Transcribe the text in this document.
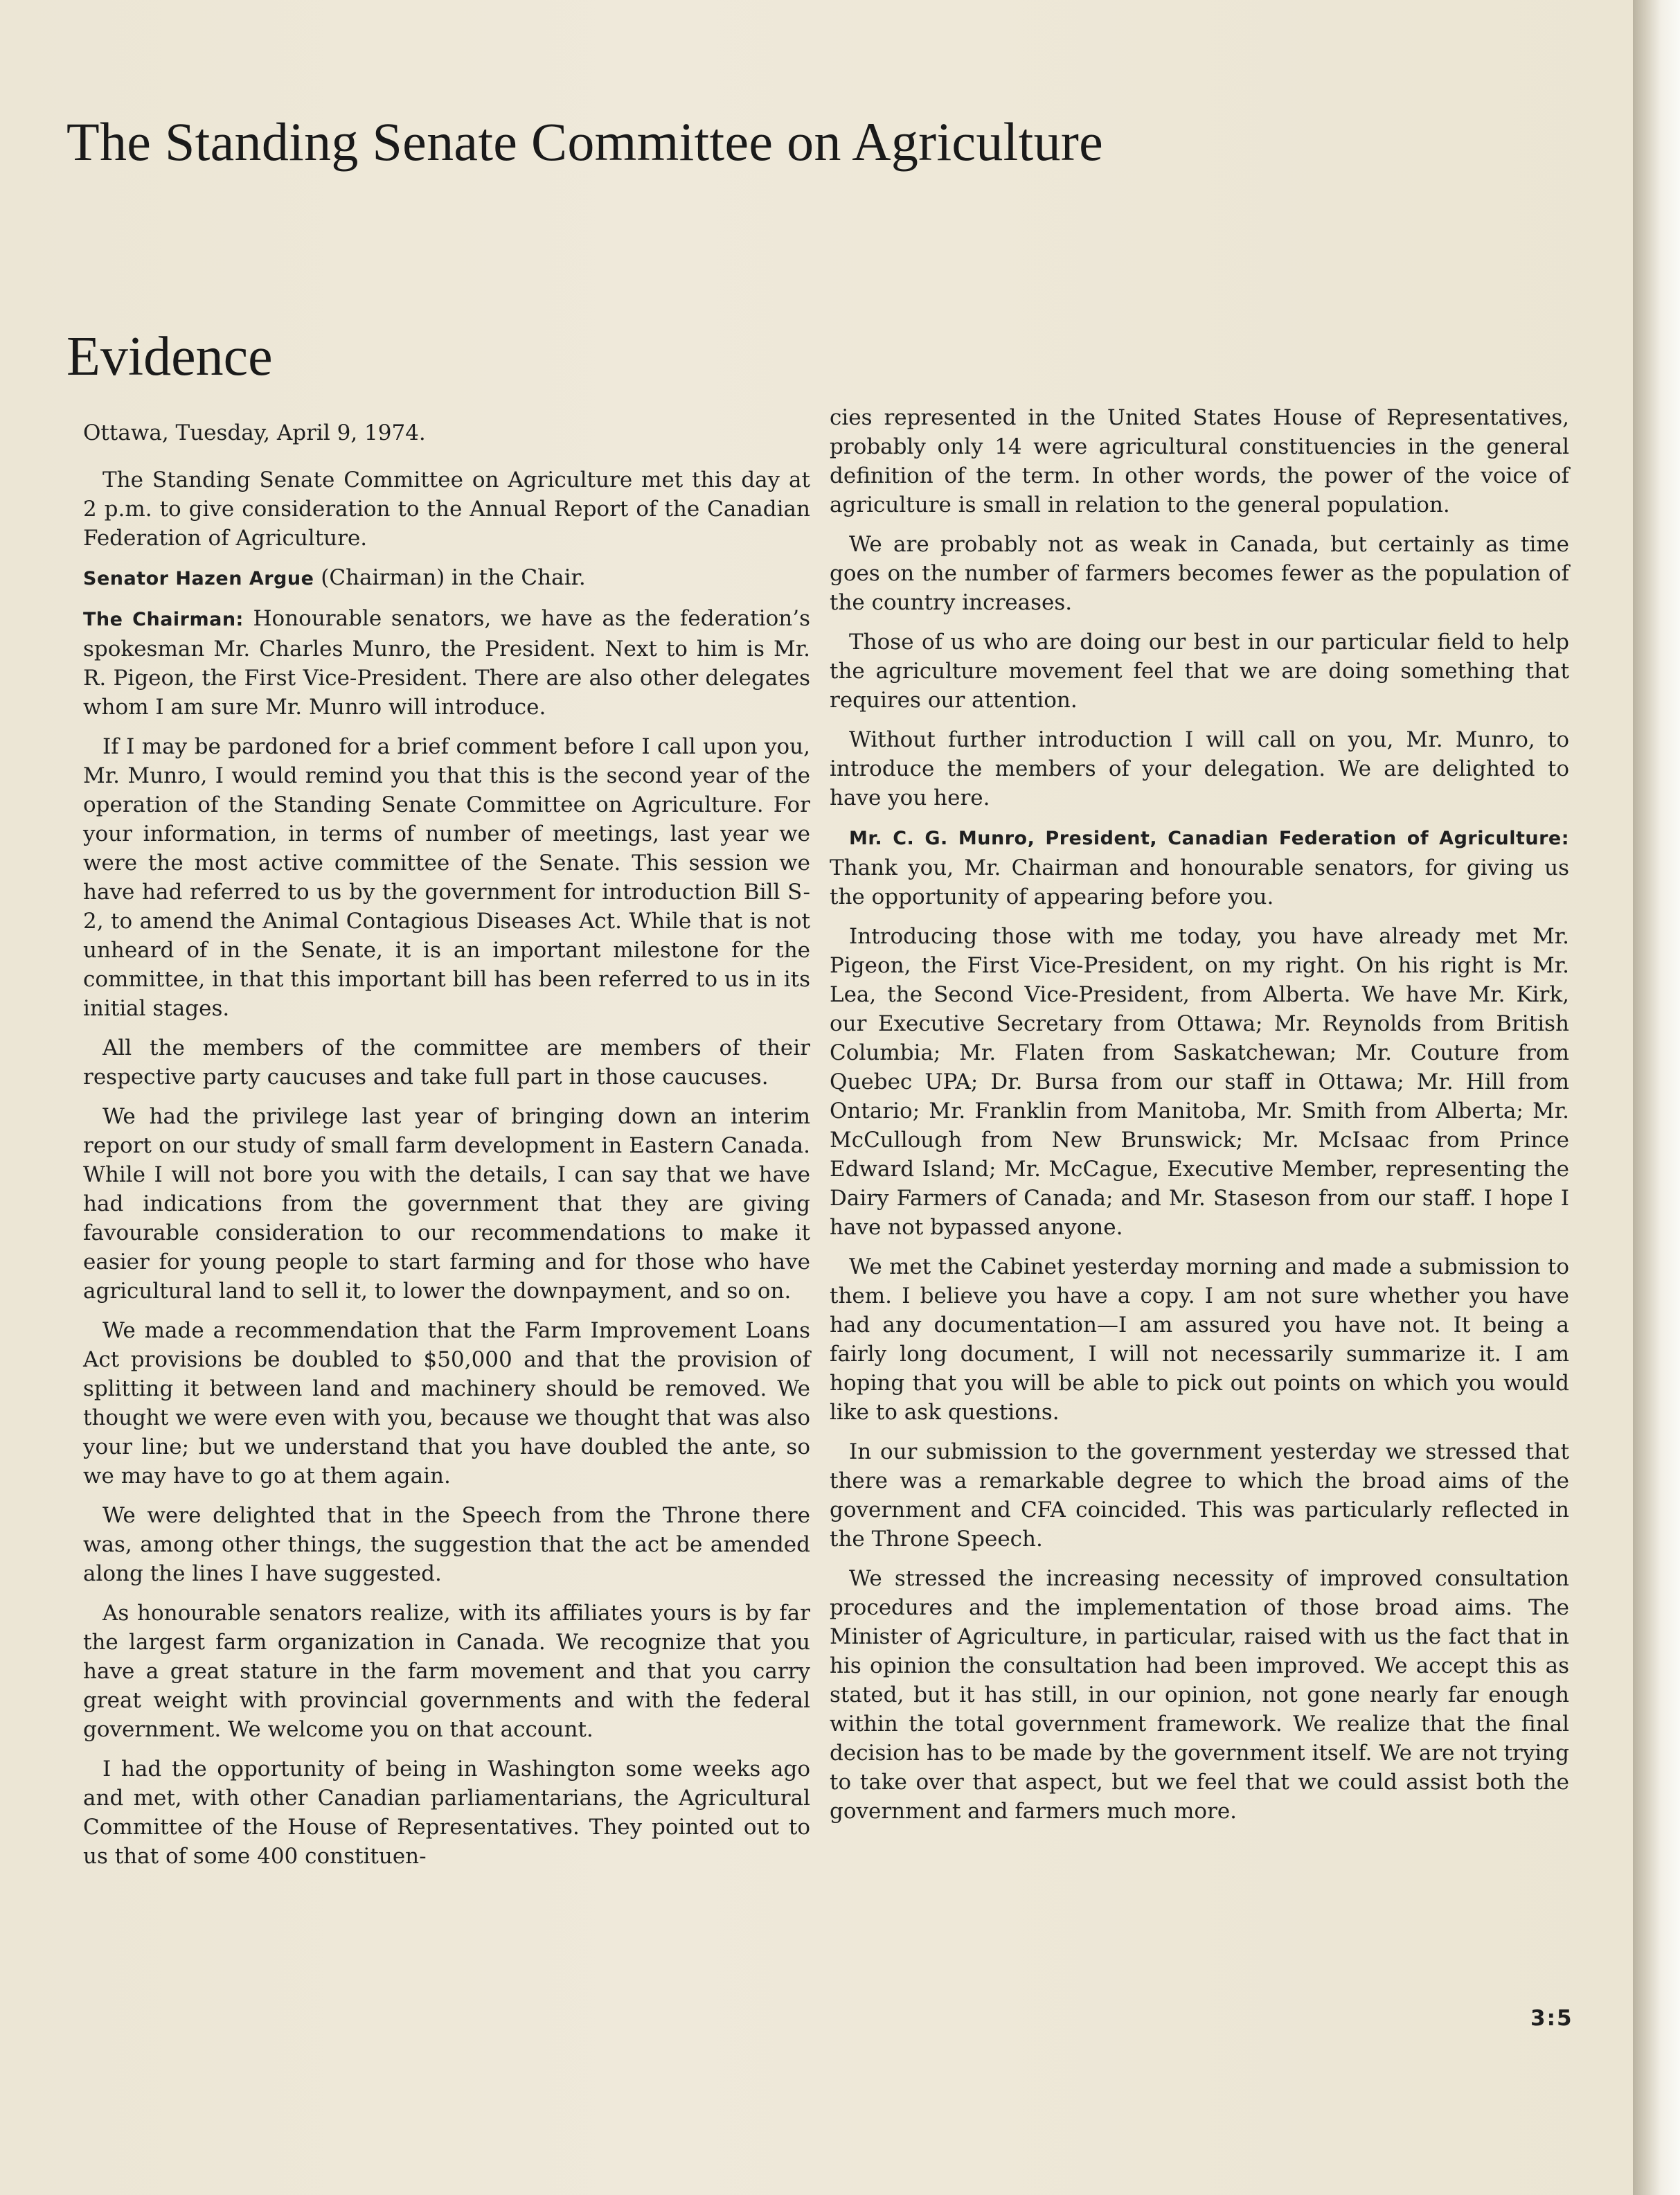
The Standing Senate Committee on Agriculture
Evidence

Ottawa, Tuesday, April 9, 1974.

The Standing Senate Committee on Agriculture met this day at 2 p.m. to give consideration to the Annual Report of the Canadian Federation of Agriculture.

Senator Hazen Argue (Chairman) in the Chair.

The Chairman: Honourable senators, we have as the federation’s spokesman Mr. Charles Munro, the President. Next to him is Mr. R. Pigeon, the First Vice-President. There are also other delegates whom I am sure Mr. Munro will introduce.

If I may be pardoned for a brief comment before I call upon you, Mr. Munro, I would remind you that this is the second year of the operation of the Standing Senate Committee on Agriculture. For your information, in terms of number of meetings, last year we were the most active committee of the Senate. This session we have had referred to us by the government for introduction Bill S-2, to amend the Animal Contagious Diseases Act. While that is not unheard of in the Senate, it is an important milestone for the committee, in that this important bill has been referred to us in its initial stages.

All the members of the committee are members of their respective party caucuses and take full part in those caucuses.

We had the privilege last year of bringing down an interim report on our study of small farm development in Eastern Canada. While I will not bore you with the details, I can say that we have had indications from the government that they are giving favourable consideration to our recommendations to make it easier for young people to start farming and for those who have agricultural land to sell it, to lower the downpayment, and so on.

We made a recommendation that the Farm Improvement Loans Act provisions be doubled to $50,000 and that the provision of splitting it between land and machinery should be removed. We thought we were even with you, because we thought that was also your line; but we understand that you have doubled the ante, so we may have to go at them again.

We were delighted that in the Speech from the Throne there was, among other things, the suggestion that the act be amended along the lines I have suggested.

As honourable senators realize, with its affiliates yours is by far the largest farm organization in Canada. We recognize that you have a great stature in the farm movement and that you carry great weight with provincial governments and with the federal government. We welcome you on that account.

I had the opportunity of being in Washington some weeks ago and met, with other Canadian parliamentarians, the Agricultural Committee of the House of Representatives. They pointed out to us that of some 400 constituen-

cies represented in the United States House of Representatives, probably only 14 were agricultural constituencies in the general definition of the term. In other words, the power of the voice of agriculture is small in relation to the general population.

We are probably not as weak in Canada, but certainly as time goes on the number of farmers becomes fewer as the population of the country increases.

Those of us who are doing our best in our particular field to help the agriculture movement feel that we are doing something that requires our attention.

Without further introduction I will call on you, Mr. Munro, to introduce the members of your delegation. We are delighted to have you here.

Mr. C. G. Munro, President, Canadian Federation of Agriculture: Thank you, Mr. Chairman and honourable senators, for giving us the opportunity of appearing before you.

Introducing those with me today, you have already met Mr. Pigeon, the First Vice-President, on my right. On his right is Mr. Lea, the Second Vice-President, from Alberta. We have Mr. Kirk, our Executive Secretary from Ottawa; Mr. Reynolds from British Columbia; Mr. Flaten from Saskatchewan; Mr. Couture from Quebec UPA; Dr. Bursa from our staff in Ottawa; Mr. Hill from Ontario; Mr. Franklin from Manitoba, Mr. Smith from Alberta; Mr. McCullough from New Brunswick; Mr. McIsaac from Prince Edward Island; Mr. McCague, Executive Member, representing the Dairy Farmers of Canada; and Mr. Staseson from our staff. I hope I have not bypassed anyone.

We met the Cabinet yesterday morning and made a submission to them. I believe you have a copy. I am not sure whether you have had any documentation—I am assured you have not. It being a fairly long document, I will not necessarily summarize it. I am hoping that you will be able to pick out points on which you would like to ask questions.

In our submission to the government yesterday we stressed that there was a remarkable degree to which the broad aims of the government and CFA coincided. This was particularly reflected in the Throne Speech.

We stressed the increasing necessity of improved consultation procedures and the implementation of those broad aims. The Minister of Agriculture, in particular, raised with us the fact that in his opinion the consultation had been improved. We accept this as stated, but it has still, in our opinion, not gone nearly far enough within the total government framework. We realize that the final decision has to be made by the government itself. We are not trying to take over that aspect, but we feel that we could assist both the government and farmers much more.

3:5
